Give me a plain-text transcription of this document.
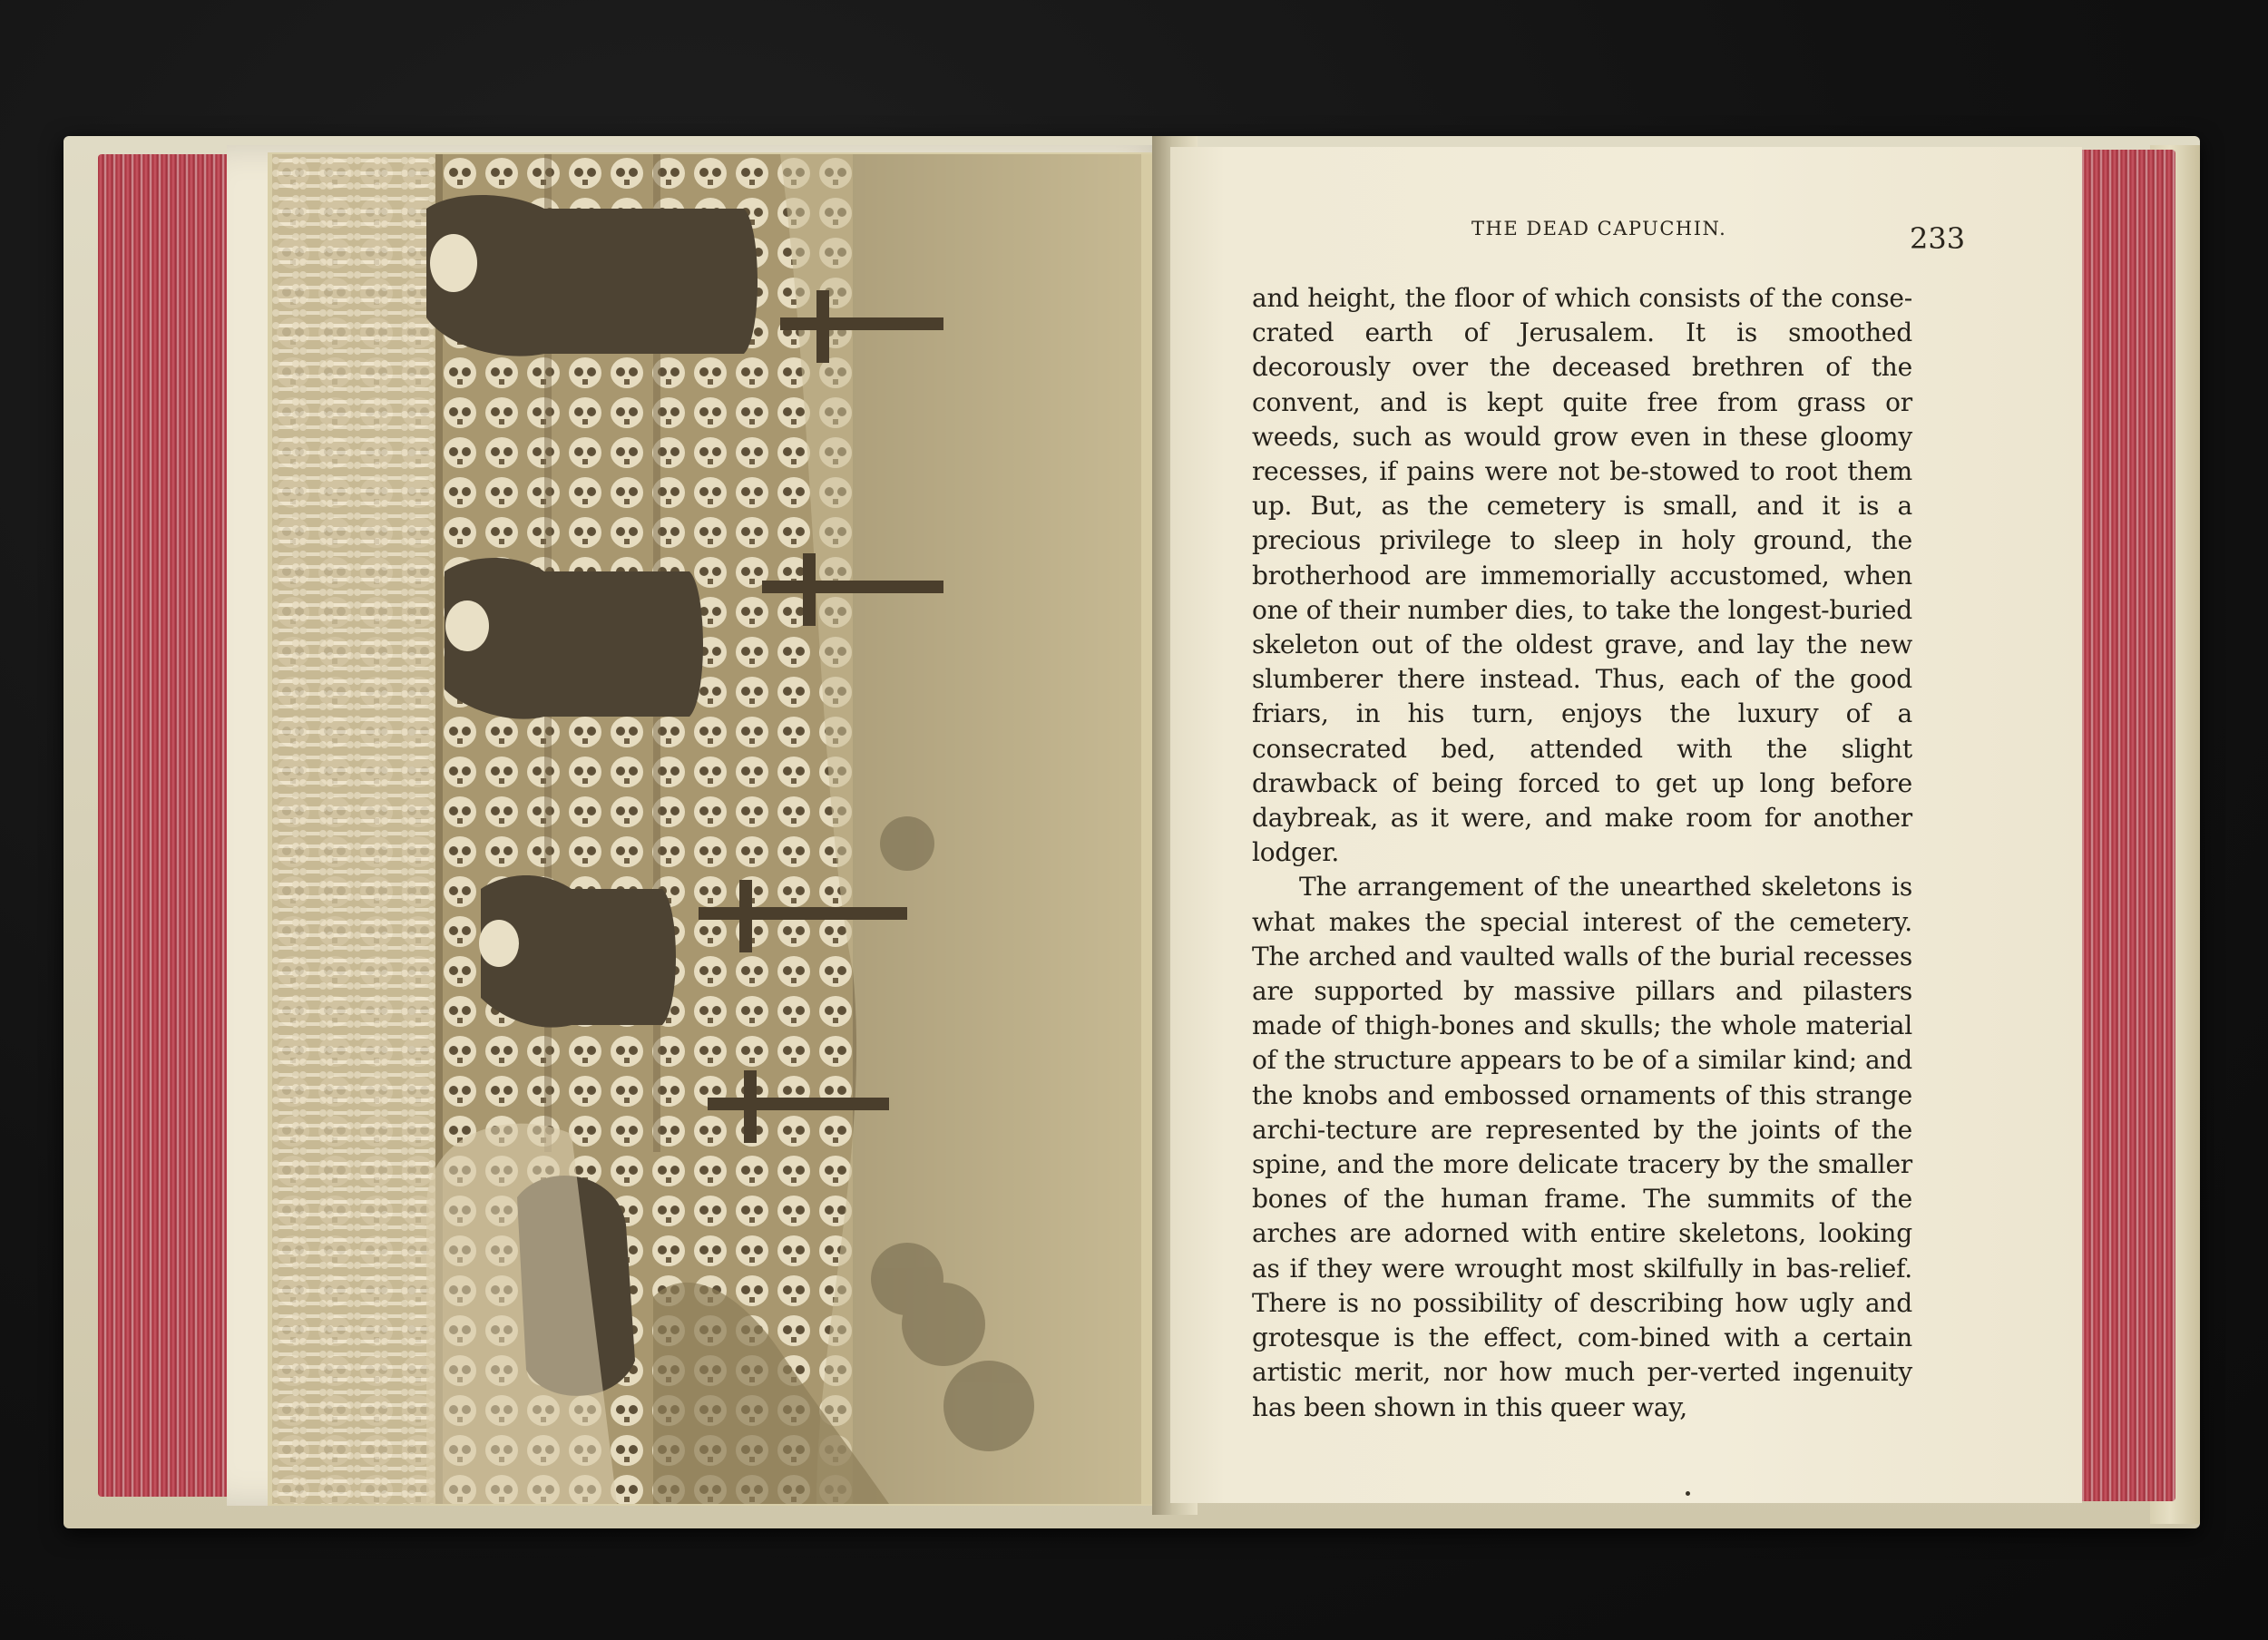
THE DEAD CAPUCHIN.	233

and height, the floor of which consists of the conse-crated earth of Jerusalem. It is smoothed decorously over the deceased brethren of the convent, and is kept quite free from grass or weeds, such as would grow even in these gloomy recesses, if pains were not be-stowed to root them up. But, as the cemetery is small, and it is a precious privilege to sleep in holy ground, the brotherhood are immemorially accustomed, when one of their number dies, to take the longest-buried skeleton out of the oldest grave, and lay the new slumberer there instead. Thus, each of the good friars, in his turn, enjoys the luxury of a consecrated bed, attended with the slight drawback of being forced to get up long before daybreak, as it were, and make room for another lodger.

The arrangement of the unearthed skeletons is what makes the special interest of the cemetery. The arched and vaulted walls of the burial recesses are supported by massive pillars and pilasters made of thigh-bones and skulls; the whole material of the structure appears to be of a similar kind; and the knobs and embossed ornaments of this strange archi-tecture are represented by the joints of the spine, and the more delicate tracery by the smaller bones of the human frame. The summits of the arches are adorned with entire skeletons, looking as if they were wrought most skilfully in bas-relief. There is no possibility of describing how ugly and grotesque is the effect, com-bined with a certain artistic merit, nor how much per-verted ingenuity has been shown in this queer way,
